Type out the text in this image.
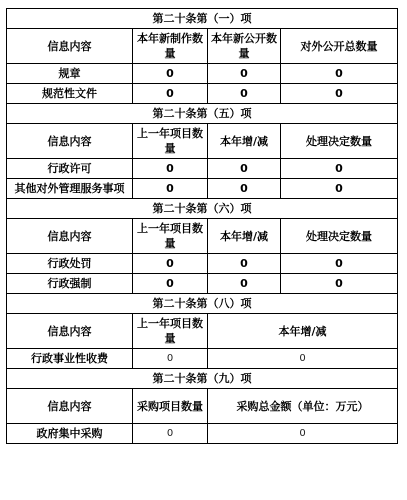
第二十条第（一）项			
信息内容	本年新制作数量	本年新公开数量	对外公开总数量
规章	0	0	0
规范性文件	0	0	0
第二十条第（五）项			
信息内容	上一年项目数量	本年增/减	处理决定数量
行政许可	0	0	0
其他对外管理服务事项	0	0	0
第二十条第（六）项			
信息内容	上一年项目数量	本年增/减	处理决定数量
行政处罚	0	0	0
行政强制	0	0	0
第二十条第（八）项			
信息内容	上一年项目数量	本年增/减	
行政事业性收费	0	0	
第二十条第（九）项			
信息内容	采购项目数量	采购总金额（单位：万元）	
政府集中采购	0	0	
